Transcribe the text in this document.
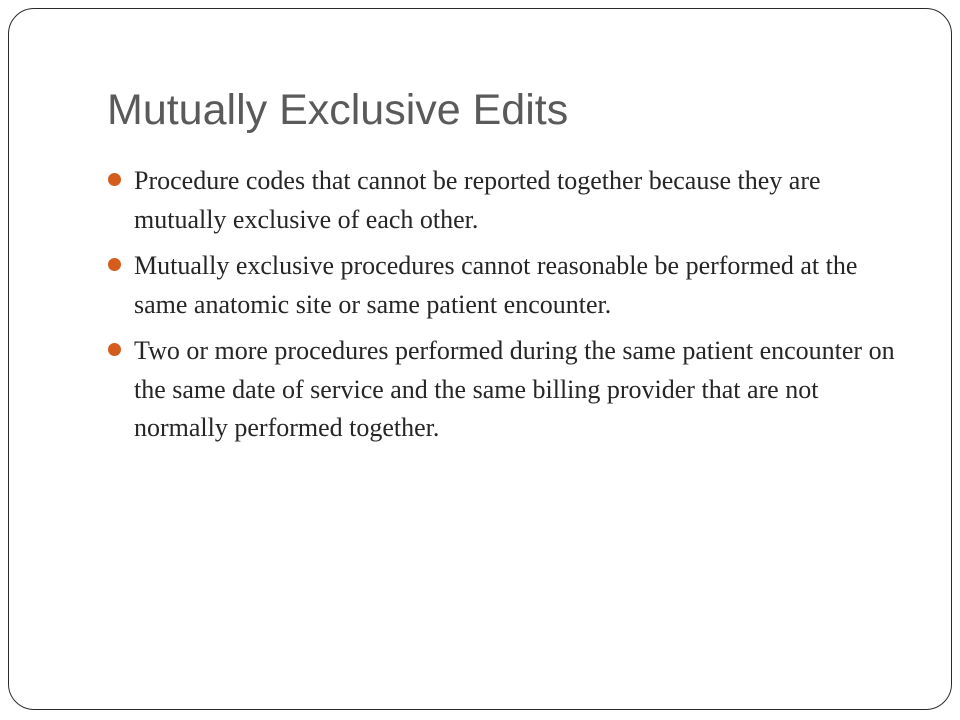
Mutually Exclusive Edits
Procedure codes that cannot be reported together because they are mutually exclusive of each other.
Mutually exclusive procedures cannot reasonable be performed at the same anatomic site or same patient encounter.
Two or more procedures performed during the same patient encounter on the same date of service and the same billing provider that are not normally performed together.
